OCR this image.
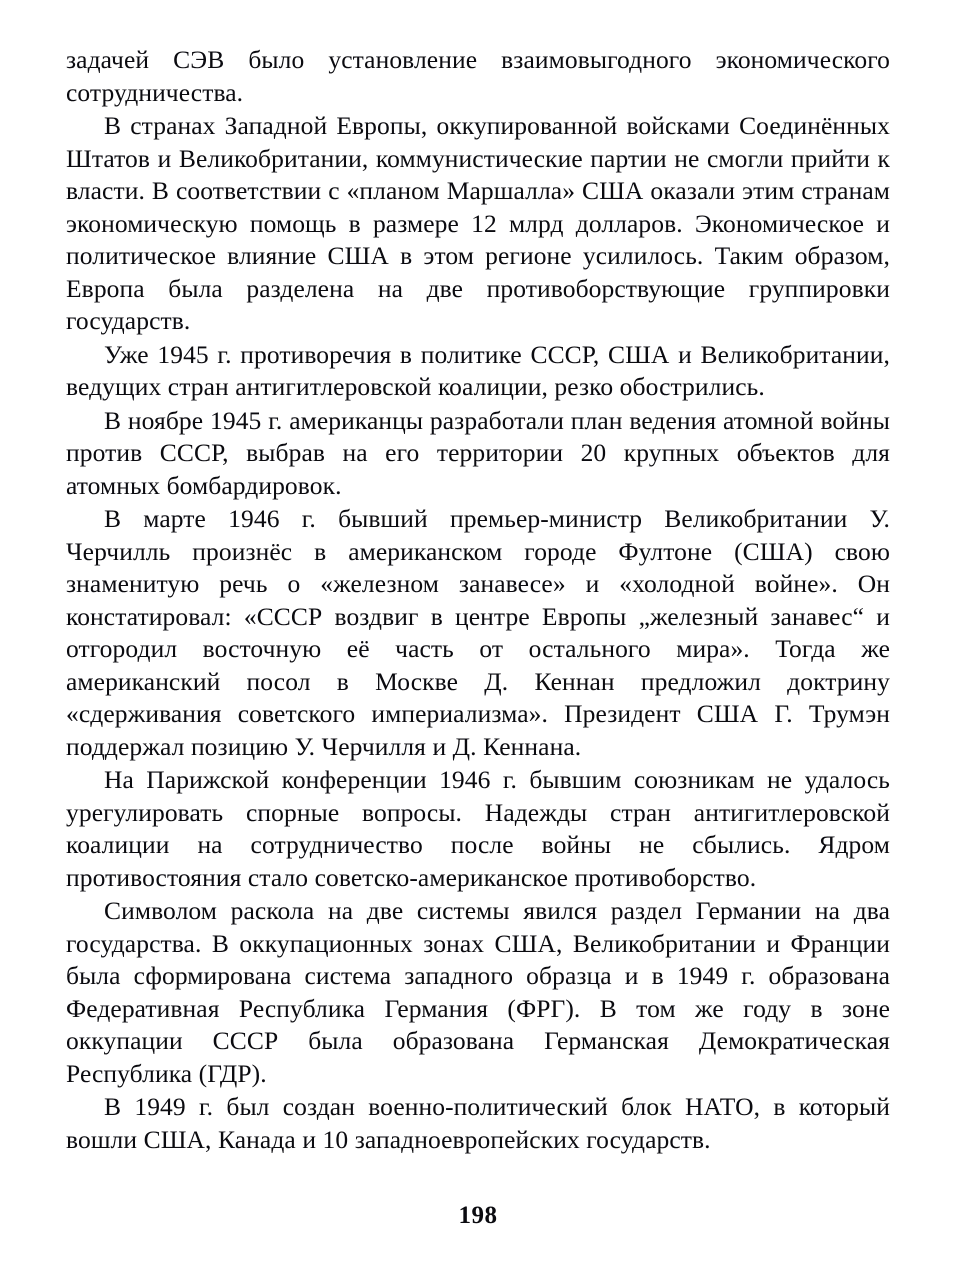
задачей СЭВ было установление взаимовыгодного экономического сотрудничества.

В странах Западной Европы, оккупированной войсками Соединённых Штатов и Великобритании, коммунистические партии не смогли прийти к власти. В соответствии с «планом Маршалла» США оказали этим странам экономическую помощь в размере 12 млрд долларов. Экономическое и политическое влияние США в этом регионе усилилось. Таким образом, Европа была разделена на две противоборствующие группировки государств.

Уже 1945 г. противоречия в политике СССР, США и Великобритании, ведущих стран антигитлеровской коалиции, резко обострились.

В ноябре 1945 г. американцы разработали план ведения атомной войны против СССР, выбрав на его территории 20 крупных объектов для атомных бомбардировок.

В марте 1946 г. бывший премьер-министр Великобритании У. Черчилль произнёс в американском городе Фултоне (США) свою знаменитую речь о «железном занавесе» и «холодной войне». Он констатировал: «СССР воздвиг в центре Европы „железный занавес“ и отгородил восточную её часть от остального мира». Тогда же американский посол в Москве Д. Кеннан предложил доктрину «сдерживания советского империализма». Президент США Г. Трумэн поддержал позицию У. Черчилля и Д. Кеннана.

На Парижской конференции 1946 г. бывшим союзникам не удалось урегулировать спорные вопросы. Надежды стран антигитлеровской коалиции на сотрудничество после войны не сбылись. Ядром противостояния стало советско-американское противоборство.

Символом раскола на две системы явился раздел Германии на два государства. В оккупационных зонах США, Великобритании и Франции была сформирована система западного образца и в 1949 г. образована Федеративная Республика Германия (ФРГ). В том же году в зоне оккупации СССР была образована Германская Демократическая Республика (ГДР).

В 1949 г. был создан военно-политический блок НАТО, в который вошли США, Канада и 10 западноевропейских государств.

198
